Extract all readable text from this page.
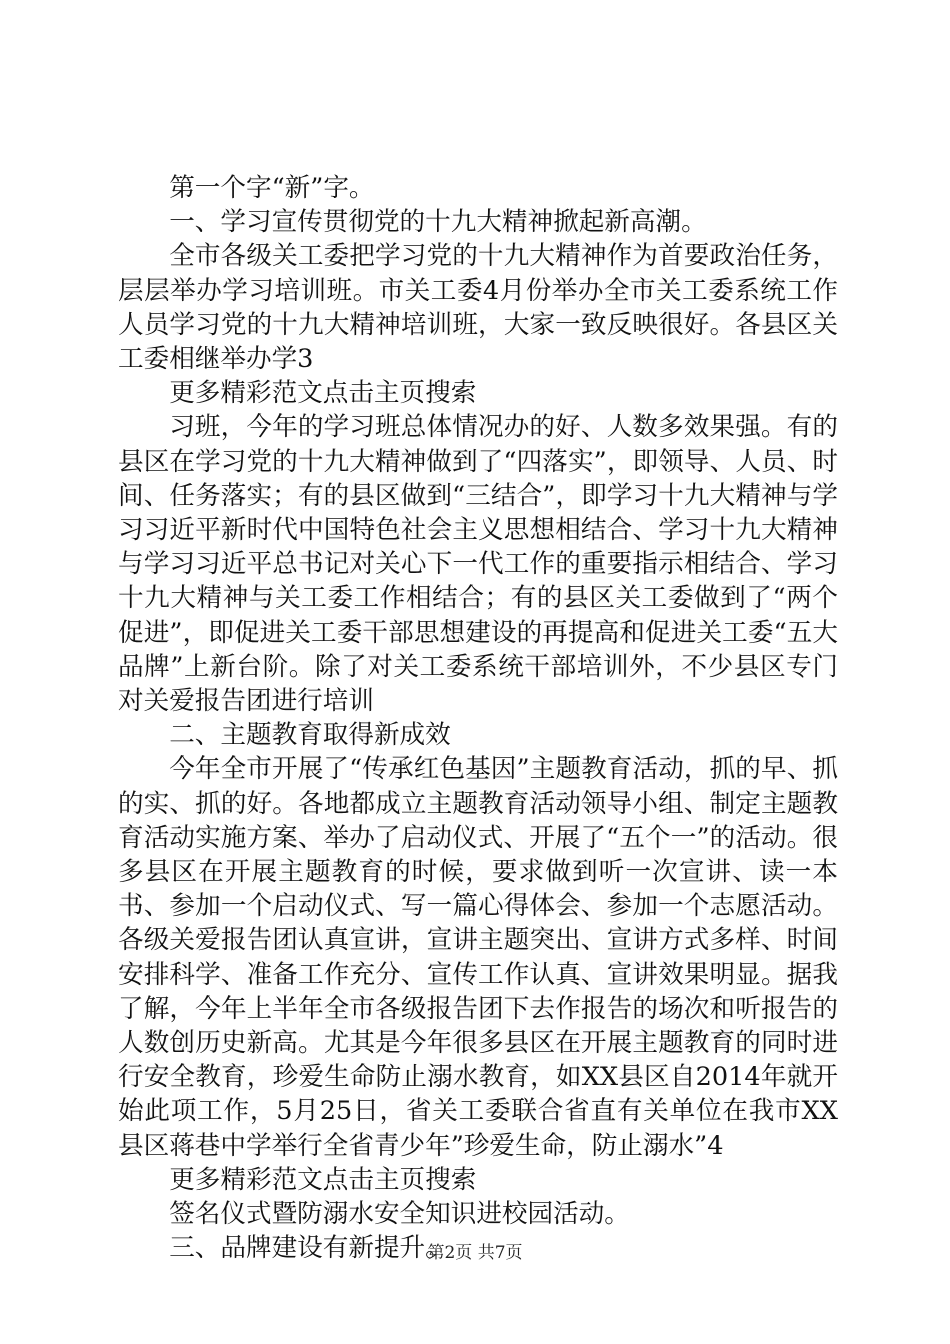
第一个字“新”字。

一、学习宣传贯彻党的十九大精神掀起新高潮。

全市各级关工委把学习党的十九大精神作为首要政治任务，层层举办学习培训班。市关工委4月份举办全市关工委系统工作人员学习党的十九大精神培训班，大家一致反映很好。各县区关工委相继举办学3

更多精彩范文点击主页搜索

习班，今年的学习班总体情况办的好、人数多效果强。有的县区在学习党的十九大精神做到了“四落实”，即领导、人员、时间、任务落实；有的县区做到“三结合”，即学习十九大精神与学习习近平新时代中国特色社会主义思想相结合、学习十九大精神与学习习近平总书记对关心下一代工作的重要指示相结合、学习十九大精神与关工委工作相结合；有的县区关工委做到了“两个促进”，即促进关工委干部思想建设的再提高和促进关工委“五大品牌”上新台阶。除了对关工委系统干部培训外，不少县区专门对关爱报告团进行培训

二、主题教育取得新成效

今年全市开展了“传承红色基因”主题教育活动，抓的早、抓的实、抓的好。各地都成立主题教育活动领导小组、制定主题教育活动实施方案、举办了启动仪式、开展了“五个一”的活动。很多县区在开展主题教育的时候，要求做到听一次宣讲、读一本书、参加一个启动仪式、写一篇心得体会、参加一个志愿活动。各级关爱报告团认真宣讲，宣讲主题突出、宣讲方式多样、时间安排科学、准备工作充分、宣传工作认真、宣讲效果明显。据我了解，今年上半年全市各级报告团下去作报告的场次和听报告的人数创历史新高。尤其是今年很多县区在开展主题教育的同时进行安全教育，珍爱生命防止溺水教育，如XX县区自2014年就开始此项工作，5月25日，省关工委联合省直有关单位在我市XX县区蒋巷中学举行全省青少年”珍爱生命，防止溺水”4

更多精彩范文点击主页搜索

签名仪式暨防溺水安全知识进校园活动。

三、品牌建设有新提升。

第2页 共7页
